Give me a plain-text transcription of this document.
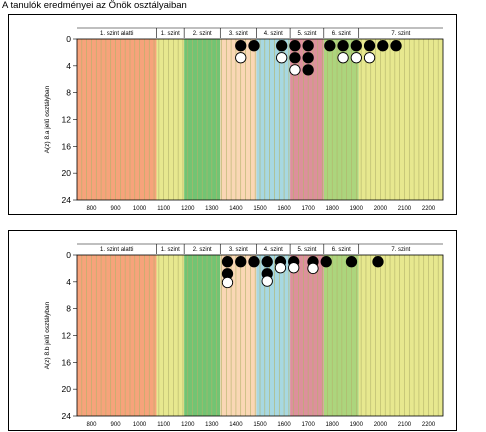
A tanulók eredményei az Önök osztályaiban
1. szint alatti	1. szint 2. szint	3. szint	4. szint 5. szint	6. szint	7. szint
0
4
8
12
16
20
24
800 900 1000 1100 1200 1300 1400 1500 1600 1700 1800 1900 2000 2100 2200
A(z) 8.a jelű osztályban
1. szint alatti	1. szint 2. szint	3. szint	4. szint 5. szint	6. szint	7. szint
0
4
8
12
16
20
24
800 900 1000 1100 1200 1300 1400 1500 1600 1700 1800 1900 2000 2100 2200
A(z) 8.b jelű osztályban
